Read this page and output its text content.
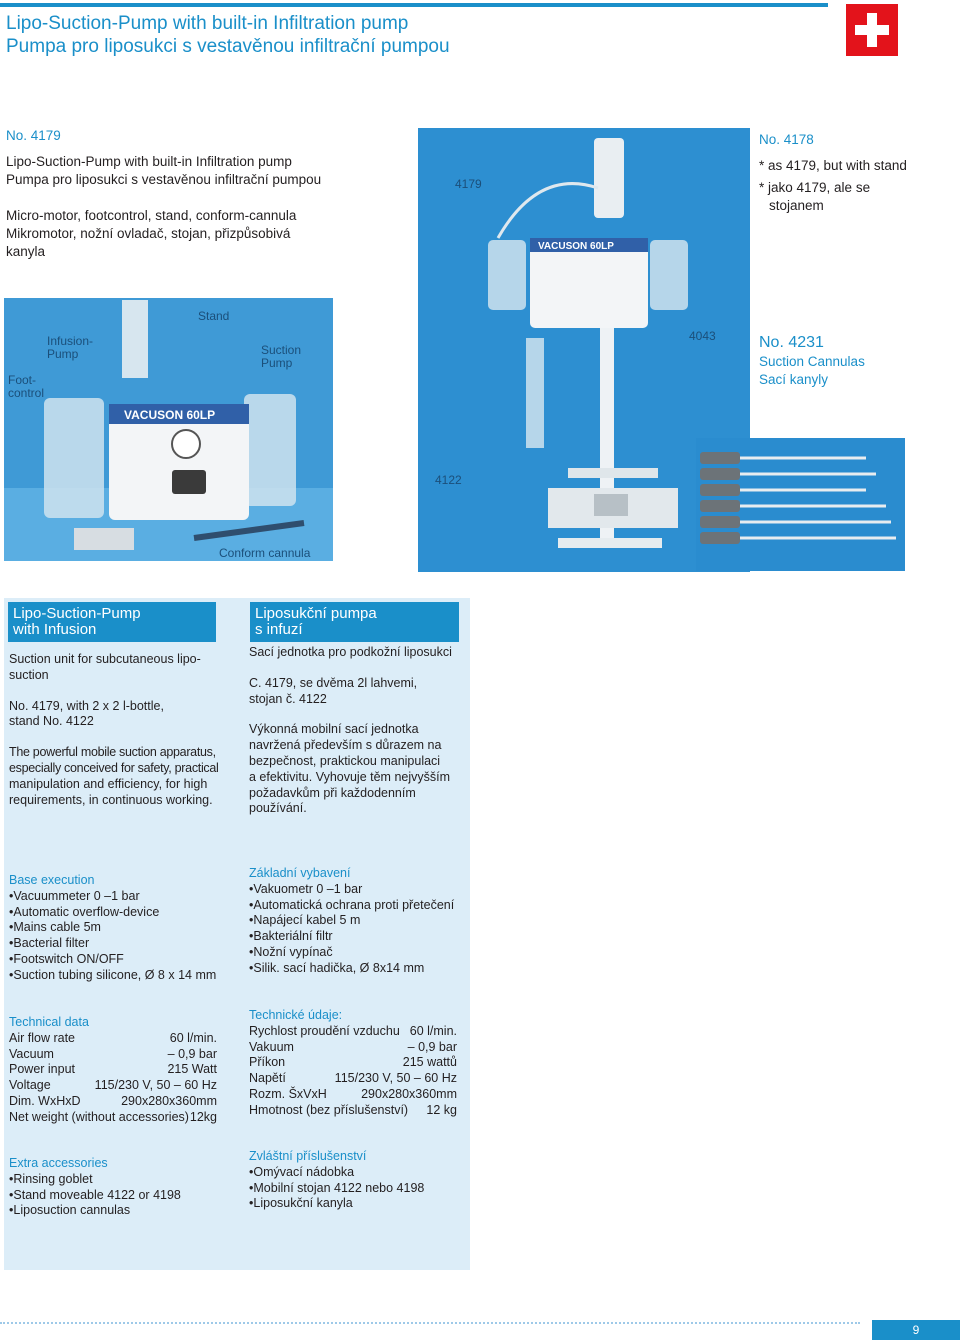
Lipo-Suction-Pump with built-in Infiltration pump
Pumpa pro liposukci s vestavěnou infiltrační pumpou
No. 4179
Lipo-Suction-Pump with built-in Infiltration pump
Pumpa pro liposukci s vestavěnou infiltrační pumpou
Micro-motor, footcontrol, stand, conform-cannula
Mikromotor, nožní ovladač, stojan, přizpůsobivá
kanyla
VACUSON 60LP
Foot-
control
Infusion-
Pump
Stand
Suction
Pump
Conform cannula
VACUSON 60LP
4179
4043
4122
No. 4178
* as 4179, but with stand
* jako 4179, ale se
stojanem
No. 4231
Suction Cannulas
Sací kanyly
Lipo-Suction-Pump
with Infusion
Suction unit for subcutaneous lipo-
suction
No. 4179, with 2 x 2 l-bottle,
stand No. 4122
The powerful mobile suction apparatus,
especially conceived for safety, practical
manipulation and efficiency, for high
requirements, in continuous working.
Liposukční pumpa
s infuzí
Sací jednotka pro podkožní liposukci
C. 4179, se dvěma 2l lahvemi,
stojan č. 4122
Výkonná mobilní sací jednotka
navržená především s důrazem na
bezpečnost, praktickou manipulaci
a efektivitu. Vyhovuje těm nejvyšším
požadavkům při každodenním
používání.
Base execution
• Vacuummeter 0 –1 bar
• Automatic overflow-device
• Mains cable 5m
• Bacterial filter
• Footswitch ON/OFF
• Suction tubing silicone, Ø 8 x 14 mm
Základní vybavení
• Vakuometr 0 –1 bar
• Automatická ochrana proti přetečení
• Napájecí kabel 5 m
• Bakteriální filtr
• Nožní vypínač
• Silik. sací hadička, Ø 8x14 mm
Technical data
Air flow rate	60 l/min.
Vacuum	– 0,9 bar
Power input	215 Watt
Voltage	115/230 V, 50 – 60 Hz
Dim. WxHxD	290x280x360mm
Net weight (without accessories) 12kg
Technické údaje:
Rychlost proudění vzduchu 60 l/min.
Vakuum	– 0,9 bar
Příkon	215 wattů
Napětí	115/230 V, 50 – 60 Hz
Rozm. ŠxVxH	290x280x360mm
Hmotnost (bez příslušenství) 12 kg
Extra accessories
• Rinsing goblet
• Stand moveable 4122 or 4198
• Liposuction cannulas
Zvláštní příslušenství
• Omývací nádobka
• Mobilní stojan 4122 nebo 4198
• Liposukční kanyla
9
